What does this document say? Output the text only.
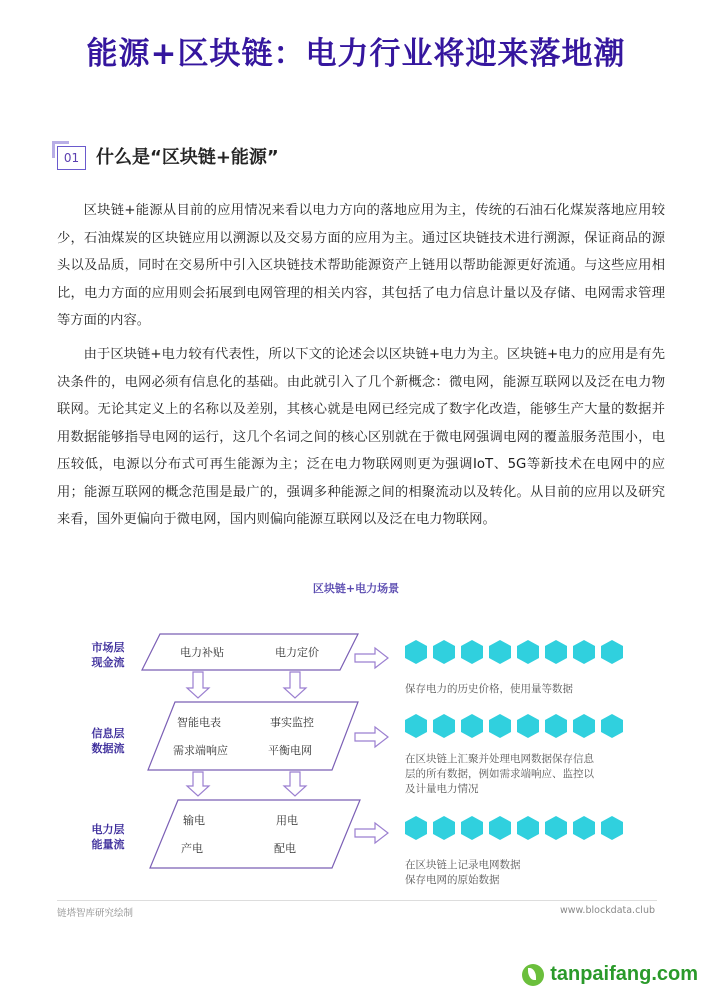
能源+区块链：电力行业将迎来落地潮
01 什么是“区块链+能源”

区块链+能源从目前的应用情况来看以电力方向的落地应用为主，传统的石油石化煤炭落地应用较少，石油煤炭的区块链应用以溯源以及交易方面的应用为主。通过区块链技术进行溯源，保证商品的源头以及品质，同时在交易所中引入区块链技术帮助能源资产上链用以帮助能源更好流通。与这些应用相比，电力方面的应用则会拓展到电网管理的相关内容，其包括了电力信息计量以及存储、电网需求管理等方面的内容。

由于区块链+电力较有代表性，所以下文的论述会以区块链+电力为主。区块链+电力的应用是有先决条件的，电网必须有信息化的基础。由此就引入了几个新概念：微电网，能源互联网以及泛在电力物联网。无论其定义上的名称以及差别，其核心就是电网已经完成了数字化改造，能够生产大量的数据并用数据能够指导电网的运行，这几个名词之间的核心区别就在于微电网强调电网的覆盖服务范围小，电压较低，电源以分布式可再生能源为主；泛在电力物联网则更为强调IoT、5G等新技术在电网中的应用；能源互联网的概念范围是最广的，强调多种能源之间的相聚流动以及转化。从目前的应用以及研究来看，国外更偏向于微电网，国内则偏向能源互联网以及泛在电力物联网。

区块链+电力场景
市场层
现金流
信息层
数据流
电力层
能量流
电力补贴	电力定价
智能电表	事实监控
需求端响应	平衡电网
输电	用电
产电	配电
保存电力的历史价格，使用量等数据
在区块链上汇聚并处理电网数据保存信息
层的所有数据，例如需求端响应、监控以
及计量电力情况
在区块链上记录电网数据
保存电网的原始数据
链塔智库研究绘制	www.blockdata.club
tanpaifang.com
